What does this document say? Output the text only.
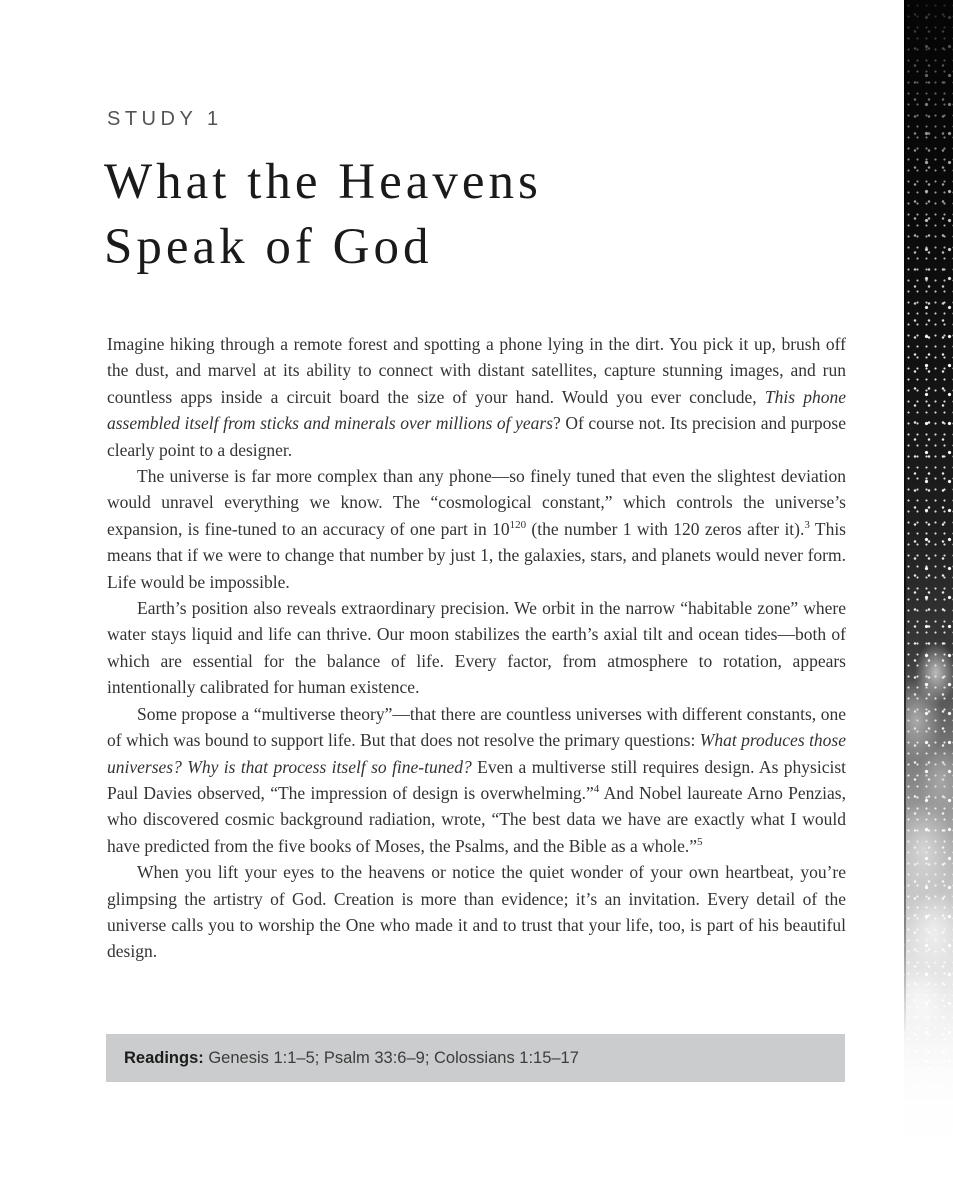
STUDY 1
What the Heavens
Speak of God

Imagine hiking through a remote forest and spotting a phone lying in the dirt. You pick it up, brush off the dust, and marvel at its ability to connect with distant satellites, capture stunning images, and run countless apps inside a circuit board the size of your hand. Would you ever conclude, This phone assembled itself from sticks and minerals over millions of years? Of course not. Its precision and purpose clearly point to a designer.

The universe is far more complex than any phone—so finely tuned that even the slightest deviation would unravel everything we know. The “cosmological constant,” which controls the universe’s expansion, is fine-tuned to an accuracy of one part in $10^{120}$ (the number 1 with 120 zeros after it).$^3$ This means that if we were to change that number by just 1, the galaxies, stars, and planets would never form. Life would be impossible.

Earth’s position also reveals extraordinary precision. We orbit in the narrow “habitable zone” where water stays liquid and life can thrive. Our moon stabilizes the earth’s axial tilt and ocean tides—both of which are essential for the balance of life. Every factor, from atmosphere to rotation, appears intentionally calibrated for human existence.

Some propose a “multiverse theory”—that there are countless universes with different constants, one of which was bound to support life. But that does not resolve the primary questions: What produces those universes? Why is that process itself so fine-tuned? Even a multiverse still requires design. As physicist Paul Davies observed, “The impression of design is overwhelming.”$^4$ And Nobel laureate Arno Penzias, who discovered cosmic background radiation, wrote, “The best data we have are exactly what I would have predicted from the five books of Moses, the Psalms, and the Bible as a whole.”$^5$

When you lift your eyes to the heavens or notice the quiet wonder of your own heartbeat, you’re glimpsing the artistry of God. Creation is more than evidence; it’s an invitation. Every detail of the universe calls you to worship the One who made it and to trust that your life, too, is part of his beautiful design.

Readings: Genesis 1:1–5; Psalm 33:6–9; Colossians 1:15–17
